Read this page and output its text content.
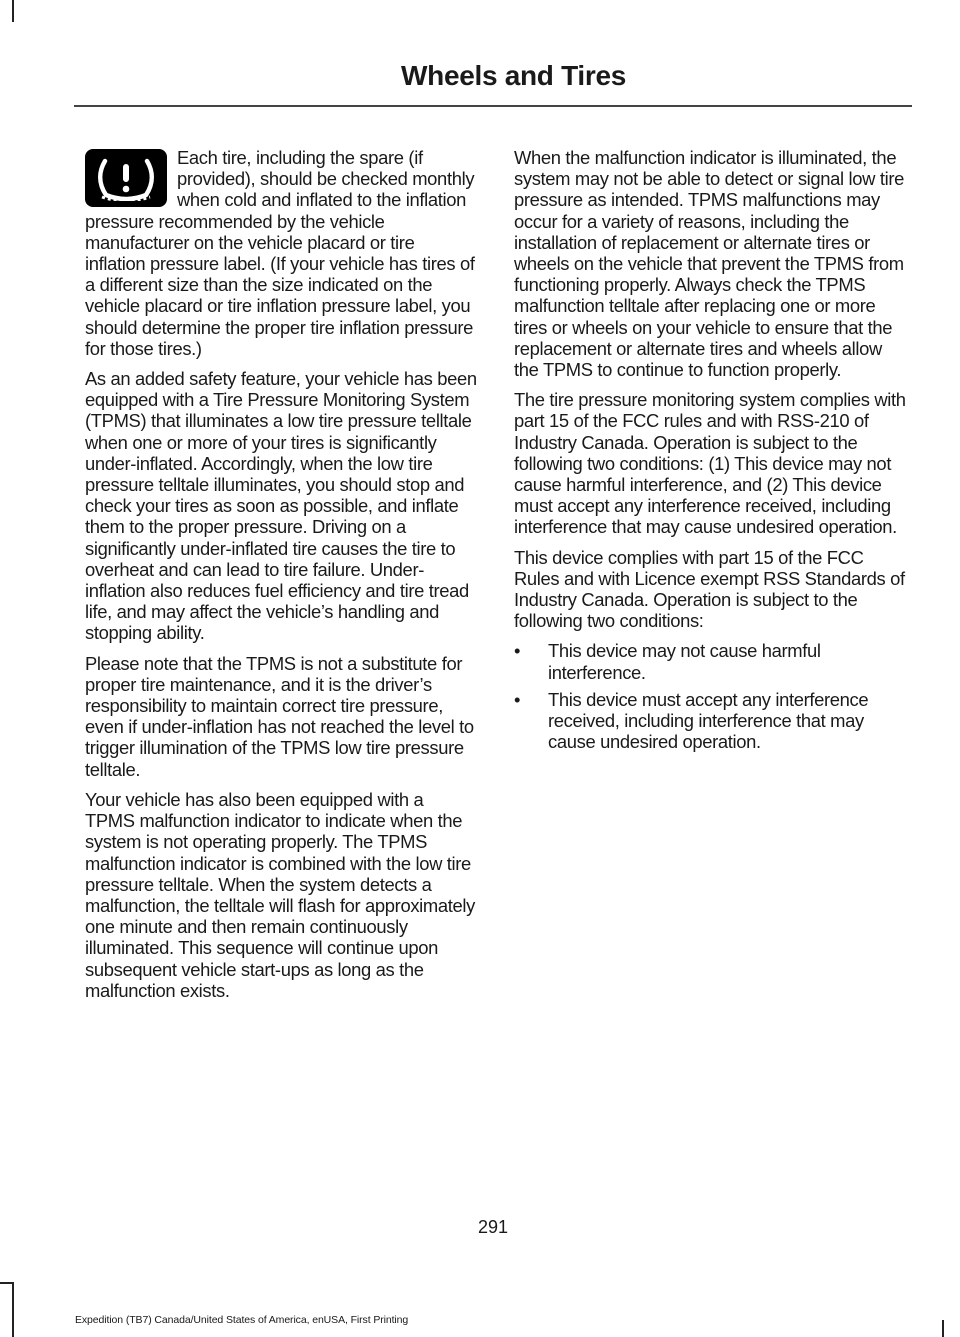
Wheels and Tires

Each tire, including the spare (if provided), should be checked monthly when cold and inflated to the inflation pressure recommended by the vehicle manufacturer on the vehicle placard or tire inflation pressure label. (If your vehicle has tires of a different size than the size indicated on the vehicle placard or tire inflation pressure label, you should determine the proper tire inflation pressure for those tires.)

As an added safety feature, your vehicle has been equipped with a Tire Pressure Monitoring System (TPMS) that illuminates a low tire pressure telltale when one or more of your tires is significantly under-inflated. Accordingly, when the low tire pressure telltale illuminates, you should stop and check your tires as soon as possible, and inflate them to the proper pressure. Driving on a significantly under-inflated tire causes the tire to overheat and can lead to tire failure. Under-inflation also reduces fuel efficiency and tire tread life, and may affect the vehicle’s handling and stopping ability.

Please note that the TPMS is not a substitute for proper tire maintenance, and it is the driver’s responsibility to maintain correct tire pressure, even if under-inflation has not reached the level to trigger illumination of the TPMS low tire pressure telltale.

Your vehicle has also been equipped with a TPMS malfunction indicator to indicate when the system is not operating properly. The TPMS malfunction indicator is combined with the low tire pressure telltale. When the system detects a malfunction, the telltale will flash for approximately one minute and then remain continuously illuminated. This sequence will continue upon subsequent vehicle start-ups as long as the malfunction exists.

When the malfunction indicator is illuminated, the system may not be able to detect or signal low tire pressure as intended. TPMS malfunctions may occur for a variety of reasons, including the installation of replacement or alternate tires or wheels on the vehicle that prevent the TPMS from functioning properly. Always check the TPMS malfunction telltale after replacing one or more tires or wheels on your vehicle to ensure that the replacement or alternate tires and wheels allow the TPMS to continue to function properly.

The tire pressure monitoring system complies with part 15 of the FCC rules and with RSS-210 of Industry Canada. Operation is subject to the following two conditions: (1) This device may not cause harmful interference, and (2) This device must accept any interference received, including interference that may cause undesired operation.

This device complies with part 15 of the FCC Rules and with Licence exempt RSS Standards of Industry Canada. Operation is subject to the following two conditions:

• This device may not cause harmful interference.
• This device must accept any interference received, including interference that may cause undesired operation.
291
Expedition (TB7) Canada/United States of America, enUSA, First Printing
